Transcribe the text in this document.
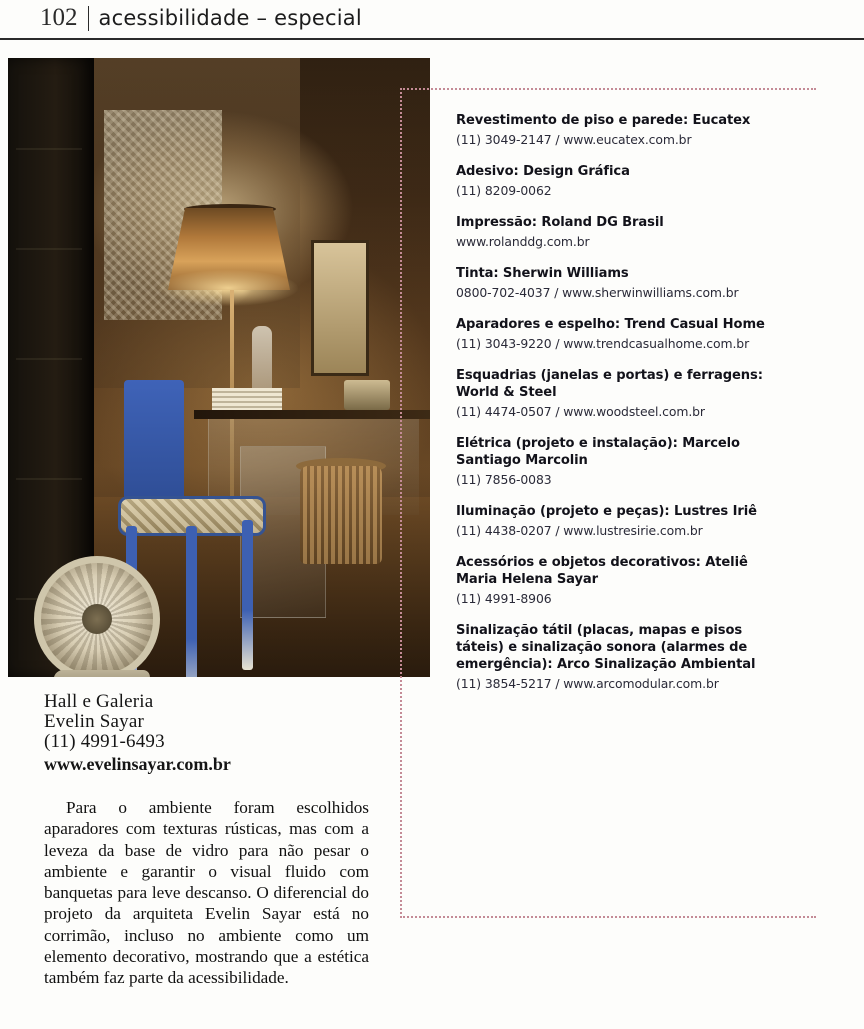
102 acessibilidade – especial
Hall e Galeria
Evelin Sayar
(11) 4991-6493
www.evelinsayar.com.br
Para o ambiente foram escolhidos aparadores com texturas rústicas, mas com a leveza da base de vidro para não pesar o ambiente e garantir o visual fluido com banquetas para leve descanso. O diferencial do projeto da arquiteta Evelin Sayar está no corrimão, incluso no ambiente como um elemento decorativo, mostrando que a estética também faz parte da acessibilidade.
Revestimento de piso e parede: Eucatex
(11) 3049-2147 / www.eucatex.com.br
Adesivo: Design Gráfica
(11) 8209-0062
Impressão: Roland DG Brasil
www.rolanddg.com.br
Tinta: Sherwin Williams
0800-702-4037 / www.sherwinwilliams.com.br
Aparadores e espelho: Trend Casual Home
(11) 3043-9220 / www.trendcasualhome.com.br
Esquadrias (janelas e portas) e ferragens: World & Steel
(11) 4474-0507 / www.woodsteel.com.br
Elétrica (projeto e instalação): Marcelo Santiago Marcolin
(11) 7856-0083
Iluminação (projeto e peças): Lustres Iriê
(11) 4438-0207 / www.lustresirie.com.br
Acessórios e objetos decorativos: Ateliê Maria Helena Sayar
(11) 4991-8906
Sinalização tátil (placas, mapas e pisos táteis) e sinalização sonora (alarmes de emergência): Arco Sinalização Ambiental
(11) 3854-5217 / www.arcomodular.com.br
